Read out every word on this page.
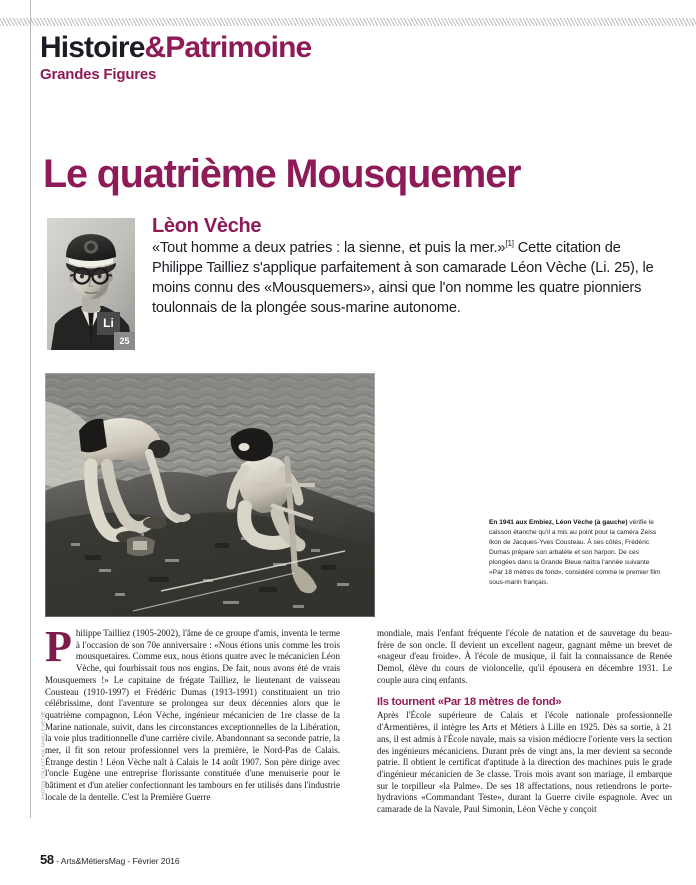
PHOTOS COLLECTION FAMILLE VÈCHE
Histoire&Patrimoine
Grandes Figures
Le quatrième Mousquemer
Li
25
Lèon Vèche
«Tout homme a deux patries : la sienne, et puis la mer.»[1] Cette citation de Philippe Tailliez s'applique parfaitement à son camarade Léon Vèche (Li. 25), le moins connu des «Mousquemers», ainsi que l'on nomme les quatre pionniers toulonnais de la plongée sous-marine autonome.
En 1941 aux Embiez, Léon Vèche (à gauche) vérifie le caisson étanche qu'il a mis au point pour la caméra Zeiss Ikon de Jacques-Yves Cousteau. À ses côtés, Frédéric Dumas prépare son arbalète et son harpon. De ces plongées dans la Grande Bleue naîtra l'année suivante «Par 18 mètres de fond», considéré comme le premier film sous-marin français.
P hilippe Tailliez (1905-2002), l'âme de ce groupe d'amis, inventa le terme à l'occasion de son 70e anniversaire : «Nous étions unis comme les trois mousquetaires. Comme eux, nous étions quatre avec le mécanicien Léon Vèche, qui fourbissait tous nos engins. De fait, nous avons été de vrais Mousquemers !» Le capitaine de frégate Tailliez, le lieutenant de vaisseau Cousteau (1910-1997) et Frédéric Dumas (1913-1991) constituaient un trio célébrissime, dont l'aventure se prolongea sur deux décennies alors que le quatrième compagnon, Léon Vèche, ingénieur mécanicien de 1re classe de la Marine nationale, suivit, dans les circonstances exceptionnelles de la Libération, la voie plus traditionnelle d'une carrière civile. Abandonnant sa seconde patrie, la mer, il fit son retour professionnel vers la première, le Nord-Pas de Calais. Étrange destin ! Léon Vèche naît à Calais le 14 août 1907. Son père dirige avec l'oncle Eugène une entreprise florissante constituée d'une menuiserie pour le bâtiment et d'un atelier confectionnant les tambours en fer utilisés dans l'industrie locale de la dentelle. C'est la Première Guerre

mondiale, mais l'enfant fréquente l'école de natation et de sauvetage du beau-frère de son oncle. Il devient un excellent nageur, gagnant même un brevet de «nageur d'eau froide». À l'école de musique, il fait la connaissance de Renée Demol, élève du cours de violoncelle, qu'il épousera en décembre 1931. Le couple aura cinq enfants.

Ils tournent «Par 18 mètres de fond»

Après l'École supérieure de Calais et l'école nationale professionnelle d'Armentières, il intègre les Arts et Métiers à Lille en 1925. Dès sa sortie, à 21 ans, il est admis à l'École navale, mais sa vision médiocre l'oriente vers la section des ingénieurs mécaniciens. Durant près de vingt ans, la mer devient sa seconde patrie. Il obtient le certificat d'aptitude à la direction des machines puis le grade d'ingénieur mécanicien de 3e classe. Trois mois avant son mariage, il embarque sur le torpilleur «la Palme». De ses 18 affectations, nous retiendrons le porte-hydravions «Commandant Teste», durant la Guerre civile espagnole. Avec un camarade de la Navale, Paul Simonin, Léon Vèche y conçoit

58 - Arts&MétiersMag - Février 2016
